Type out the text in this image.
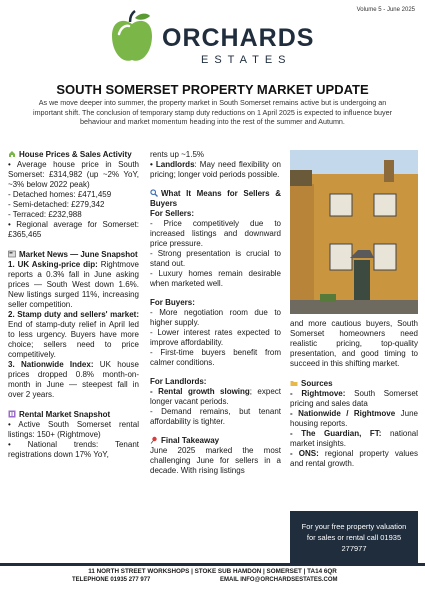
Volume 5 - June 2025
ORCHARDS
ESTATES
SOUTH SOMERSET PROPERTY MARKET UPDATE
As we move deeper into summer, the property market in South Somerset remains active but is undergoing an important shift. The conclusion of temporary stamp duty reductions on 1 April 2025 is expected to influence buyer behaviour and market momentum heading into the rest of the summer and Autumn.
House Prices & Sales Activity
• Average house price in South Somerset: £314,982 (up ~2% YoY, ~3% below 2022 peak)
- Detached homes: £471,459
- Semi-detached: £279,342
- Terraced: £232,988
• Regional average for Somerset: £365,465
Market News — June Snapshot
1. UK Asking-price dip: Rightmove reports a 0.3% fall in June asking prices — South West down 1.6%. New listings surged 11%, increasing seller competition.
2. Stamp duty and sellers' market: End of stamp-duty relief in April led to less urgency. Buyers have more choice; sellers need to price competitively.
3. Nationwide Index: UK house prices dropped 0.8% month-on-month in June — steepest fall in over 2 years.
Rental Market Snapshot
• Active South Somerset rental listings: 150+ (Rightmove)
• National trends: Tenant registrations down 17% YoY,
rents up ~1.5%
• Landlords: May need flexibility on pricing; longer void periods possible.
What It Means for Sellers & Buyers
For Sellers:
- Price competitively due to increased listings and downward price pressure.
- Strong presentation is crucial to stand out.
- Luxury homes remain desirable when marketed well.
For Buyers:
- More negotiation room due to higher supply.
- Lower interest rates expected to improve affordability.
- First-time buyers benefit from calmer conditions.
For Landlords:
- Rental growth slowing; expect longer vacant periods.
- Demand remains, but tenant affordability is tighter.
Final Takeaway
June 2025 marked the most challenging June for sellers in a decade. With rising listings
and more cautious buyers, South Somerset homeowners need realistic pricing, top-quality presentation, and good timing to succeed in this shifting market.
Sources
- Rightmove: South Somerset pricing and sales data
- Nationwide / Rightmove June housing reports.
- The Guardian, FT: national market insights.
- ONS: regional property values and rental growth.
For your free property valuation for sales or rental call 01935 277977
11 NORTH STREET WORKSHOPS | STOKE SUB HAMDON | SOMERSET | TA14 6QR
TELEPHONE 01935 277 977	EMAIL INFO@ORCHARDSESTATES.COM
